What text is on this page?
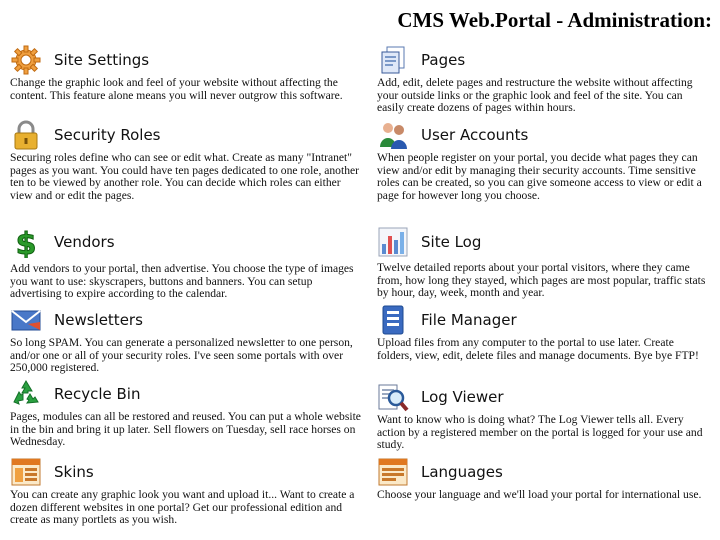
CMS Web.Portal - Administration:
Site Settings

Change the graphic look and feel of your website without affecting the content. This feature alone means you will never outgrow this software.

Security Roles

Securing roles define who can see or edit what. Create as many "Intranet" pages as you want. You could have ten pages dedicated to one role, another ten to be viewed by another role. You can decide which roles can either view and or edit the pages.

$ Vendors

Add vendors to your portal, then advertise. You choose the type of images you want to use: skyscrapers, buttons and banners. You can setup advertising to expire according to the calendar.

Newsletters

So long SPAM. You can generate a personalized newsletter to one person, and/or one or all of your security roles. I've seen some portals with over 250,000 registered.

Recycle Bin

Pages, modules can all be restored and reused. You can put a whole website in the bin and bring it up later. Sell flowers on Tuesday, sell race horses on Wednesday.

Skins

You can create any graphic look you want and upload it... Want to create a dozen different websites in one portal? Get our professional edition and create as many portlets as you wish.

Pages

Add, edit, delete pages and restructure the website without affecting your outside links or the graphic look and feel of the site. You can easily create dozens of pages within hours.

User Accounts

When people register on your portal, you decide what pages they can view and/or edit by managing their security accounts. Time sensitive roles can be created, so you can give someone access to view or edit a page for however long you choose.

Site Log

Twelve detailed reports about your portal visitors, where they came from, how long they stayed, which pages are most popular, traffic stats by hour, day, week, month and year.

File Manager

Upload files from any computer to the portal to use later. Create folders, view, edit, delete files and manage documents. Bye bye FTP!

Log Viewer

Want to know who is doing what? The Log Viewer tells all. Every action by a registered member on the portal is logged for your use and study.

Languages

Choose your language and we'll load your portal for international use.
